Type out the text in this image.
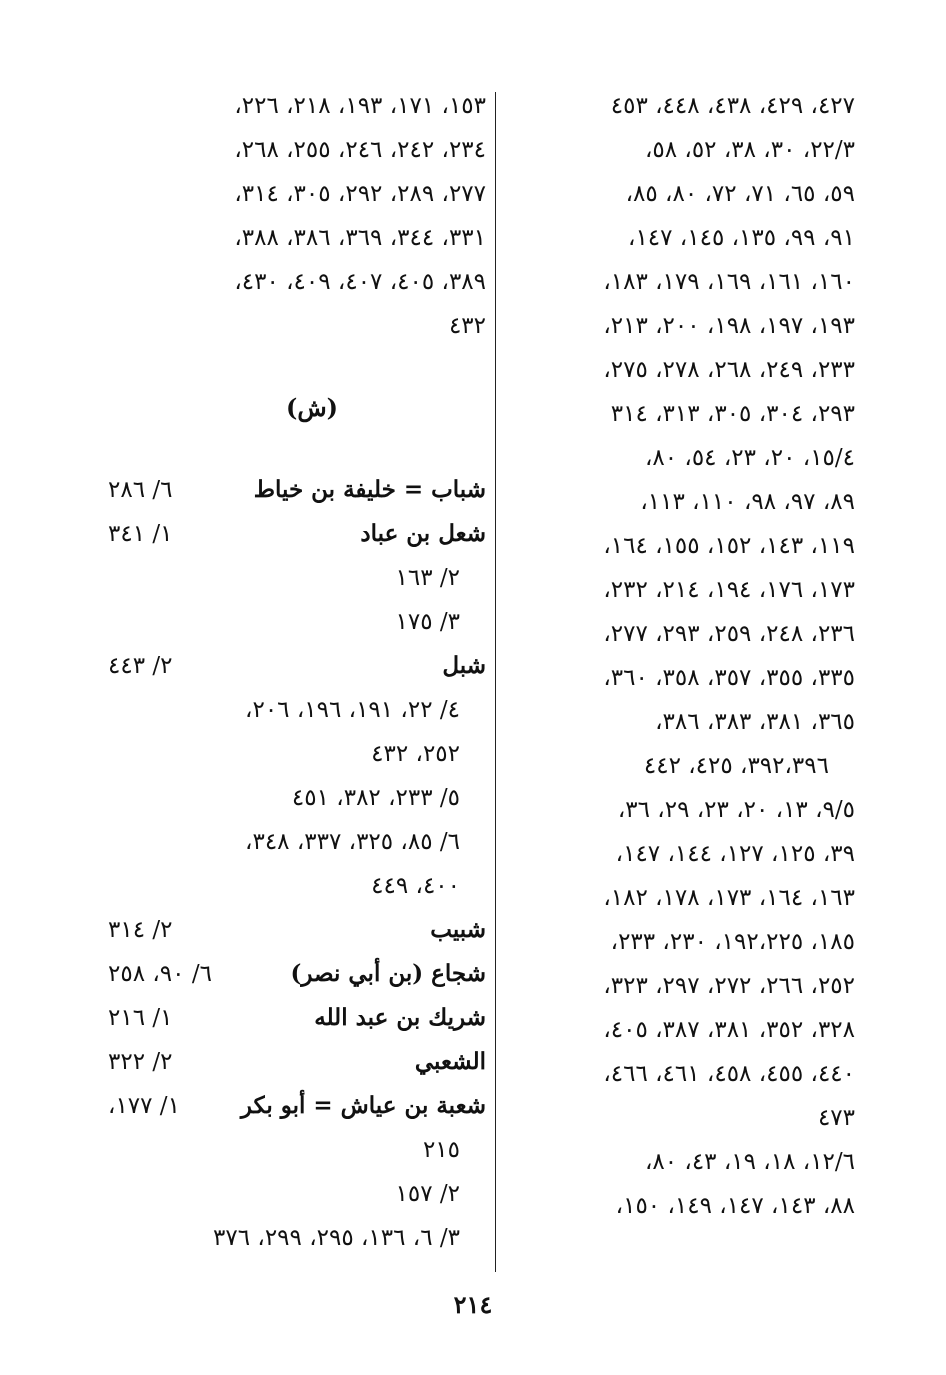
٤٢٧، ٤٢٩، ٤٣٨، ٤٤٨، ٤٥٣
٢٢/٣، ٣٠، ٣٨، ٥٢، ٥٨،
٥٩، ٦٥، ٧١، ٧٢، ٨٠، ٨٥،
٩١، ٩٩، ١٣٥، ١٤٥، ١٤٧،
١٦٠، ١٦١، ١٦٩، ١٧٩، ١٨٣،
١٩٣، ١٩٧، ١٩٨، ٢٠٠، ٢١٣،
٢٣٣، ٢٤٩، ٢٦٨، ٢٧٨، ٢٧٥،
٢٩٣، ٣٠٤، ٣٠٥، ٣١٣، ٣١٤
١٥/٤، ٢٠، ٢٣، ٥٤، ٨٠،
٨٩، ٩٧، ٩٨، ١١٠، ١١٣،
١١٩، ١٤٣، ١٥٢، ١٥٥، ١٦٤،
١٧٣، ١٧٦، ١٩٤، ٢١٤، ٢٣٢،
٢٣٦، ٢٤٨، ٢٥٩، ٢٩٣، ٢٧٧،
٣٣٥، ٣٥٥، ٣٥٧، ٣٥٨، ٣٦٠،
٣٦٥، ٣٨١، ٣٨٣، ٣٨٦،
٣٩٢،٣٩٦، ٤٢٥، ٤٤٢
٩/٥، ١٣، ٢٠، ٢٣، ٢٩، ٣٦،
٣٩، ١٢٥، ١٢٧، ١٤٤، ١٤٧،
١٦٣، ١٦٤، ١٧٣، ١٧٨، ١٨٢،
١٨٥، ١٩٢،٢٢٥، ٢٣٠، ٢٣٣،
٢٥٢، ٢٦٦، ٢٧٢، ٢٩٧، ٣٢٣،
٣٢٨، ٣٥٢، ٣٨١، ٣٨٧، ٤٠٥،
٤٤٠، ٤٥٥، ٤٥٨، ٤٦١، ٤٦٦،
٤٧٣
١٢/٦، ١٨، ١٩، ٤٣، ٨٠،
٨٨، ١٤٣، ١٤٧، ١٤٩، ١٥٠،
١٥٣، ١٧١، ١٩٣، ٢١٨، ٢٢٦،
٢٣٤، ٢٤٢، ٢٤٦، ٢٥٥، ٢٦٨،
٢٧٧، ٢٨٩، ٢٩٢، ٣٠٥، ٣١٤،
٣٣١، ٣٤٤، ٣٦٩، ٣٨٦، ٣٨٨،
٣٨٩، ٤٠٥، ٤٠٧، ٤٠٩، ٤٣٠،
٤٣٢
(ش)
شباب = خليفة بن خياط
٦/ ٢٨٦
شعل بن عباد
١/ ٣٤١
٢/ ١٦٣
٣/ ١٧٥
شبل
٢/ ٤٤٣
٤/ ٢٢، ١٩١، ١٩٦، ٢٠٦،
٢٥٢، ٤٣٢
٥/ ٢٣٣، ٣٨٢، ٤٥١
٦/ ٨٥، ٣٢٥، ٣٣٧، ٣٤٨،
٤٠٠، ٤٤٩
شبيب
٢/ ٣١٤
شجاع (بن أبي نصر)
٦/ ٩٠، ٢٥٨
شريك بن عبد الله
١/ ٢١٦
الشعبي
٢/ ٣٢٢
شعبة بن عياش = أبو بكر
١/ ١٧٧،
٢١٥
٢/ ١٥٧
٣/ ٦، ١٣٦، ٢٩٥، ٢٩٩، ٣٧٦
٢١٤
